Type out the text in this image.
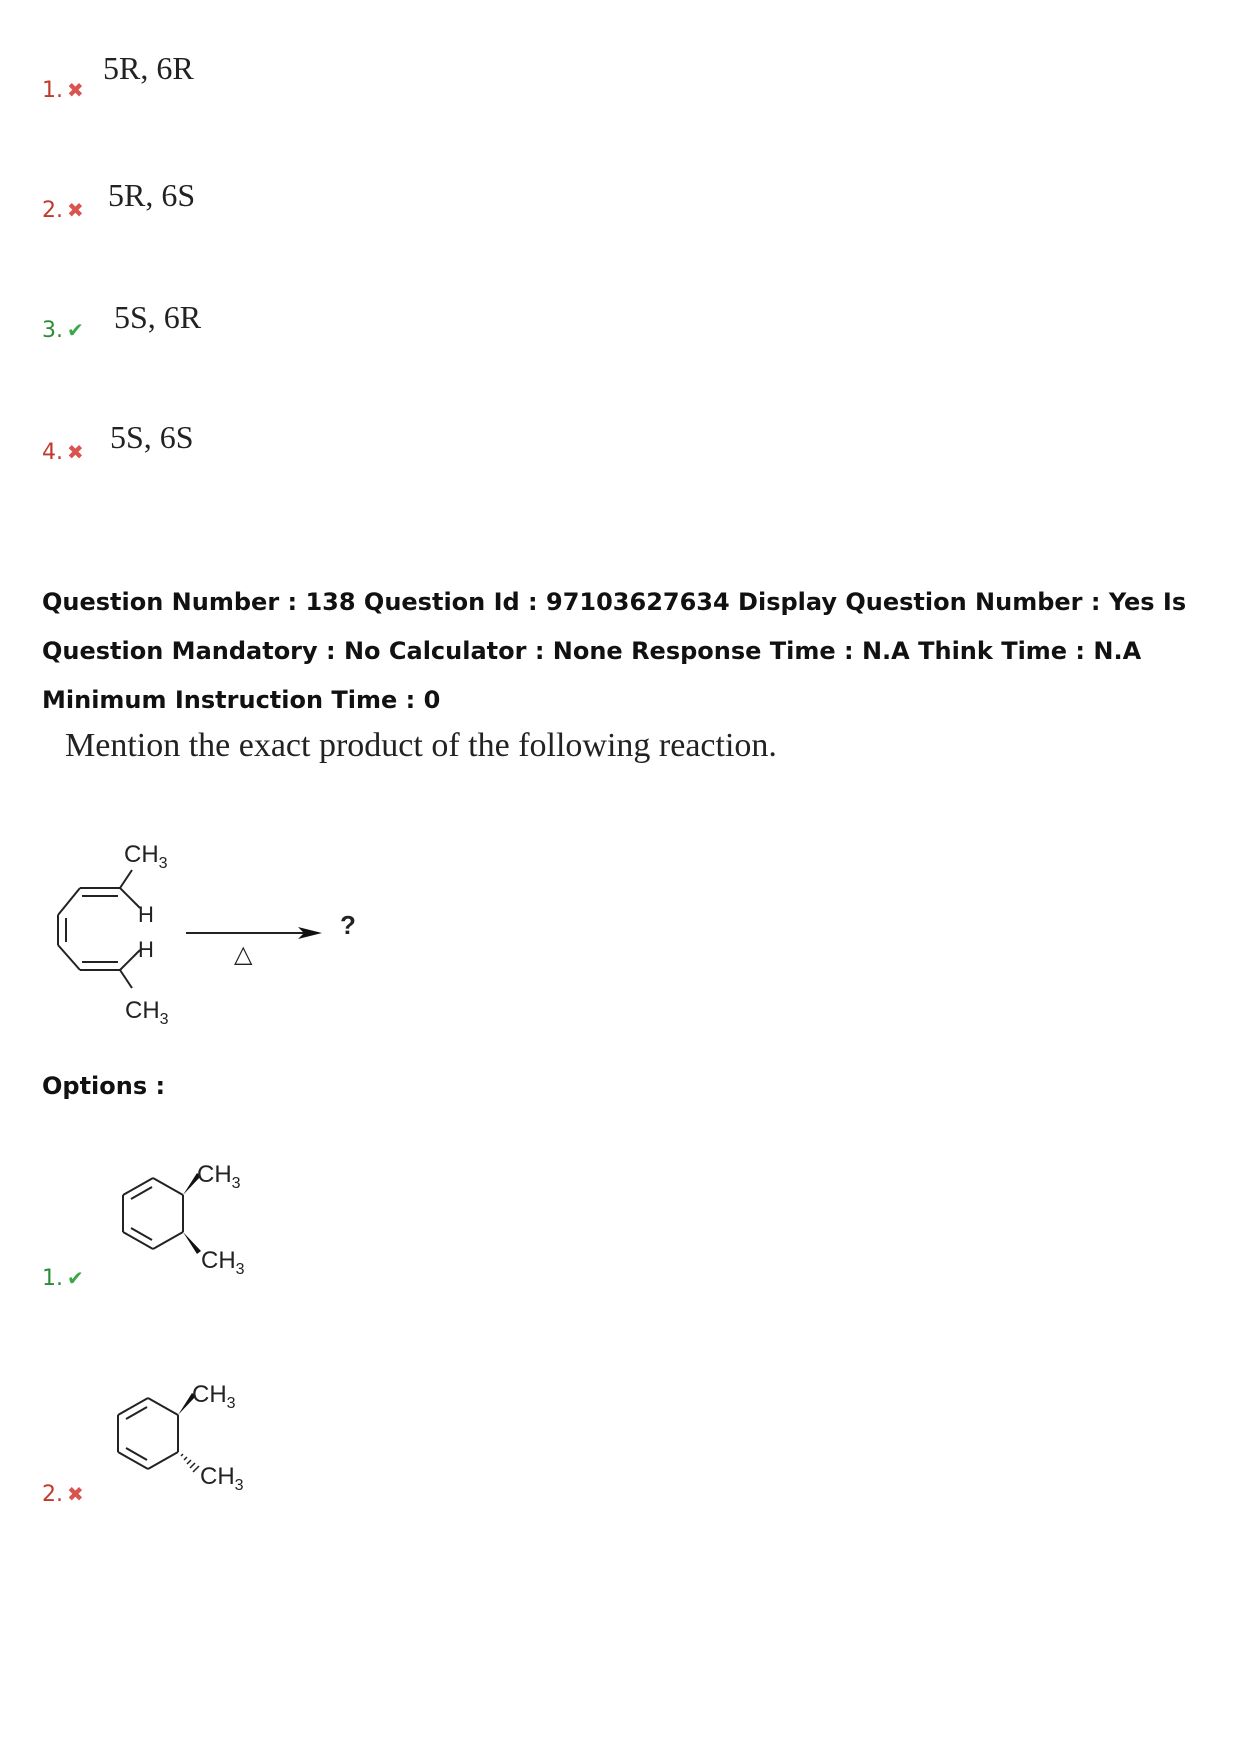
1. ✖
5R, 6R
2. ✖ 5R, 6S
3. ✔ 5S, 6R
4. ✖ 5S, 6S
Question Number : 138 Question Id : 97103627634 Display Question Number : Yes Is Question Mandatory : No Calculator : None Response Time : N.A Think Time : N.A Minimum Instruction Time : 0
Mention the exact product of the following reaction.
$CH_3$
H
H
$CH_3$
△
?
Options :
$CH_3$
$CH_3$
1. ✔
$CH_3$
$CH_3$
2. ✖
